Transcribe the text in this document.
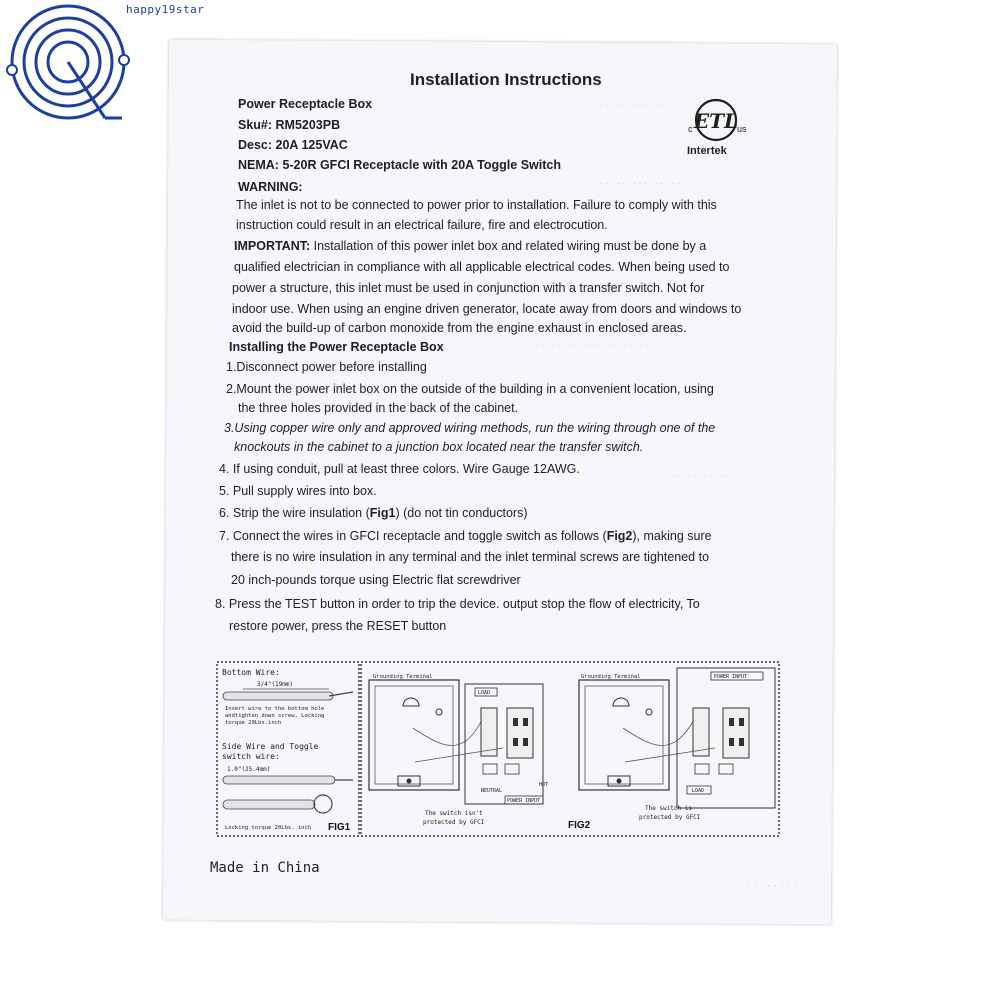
happy19star
· · · · · · · · · · · ·
· · · · · · · · · · · · · · · ·
· · · · · · · · · · · · · · · · · · · · · · ·
· · · · · · · · · · · · · · ·
· · · · · · · · · ·
Installation Instructions
Power Receptacle Box
Sku#: RM5203PB
Desc: 20A 125VAC
NEMA: 5-20R GFCI Receptacle with 20A Toggle Switch
WARNING:
The inlet is not to be connected to power prior to installation. Failure to comply with this
instruction could result in an electrical failure, fire and electrocution.
IMPORTANT: Installation of this power inlet box and related wiring must be done by a
qualified electrician in compliance with all applicable electrical codes. When being used to
power a structure, this inlet must be used in conjunction with a transfer switch. Not for
indoor use. When using an engine driven generator, locate away from doors and windows to
avoid the build-up of carbon monoxide from the engine exhaust in enclosed areas.
Installing the Power Receptacle Box
1.Disconnect power before installing
2.Mount the power inlet box on the outside of the building in a convenient location, using
the three holes provided in the back of the cabinet.
3.Using copper wire only and approved wiring methods, run the wiring through one of the
knockouts in the cabinet to a junction box located near the transfer switch.
4. If using conduit, pull at least three colors. Wire Gauge 12AWG.
5. Pull supply wires into box.
6. Strip the wire insulation (Fig1) (do not tin conductors)
7. Connect the wires in GFCI receptacle and toggle switch as follows (Fig2), making sure
there is no wire insulation in any terminal and the inlet terminal screws are tightened to
20 inch-pounds torque using Electric flat screwdriver
8. Press the TEST button in order to trip the device. output stop the flow of electricity, To
restore power, press the RESET button
ETL
c	us
Intertek
Bottom Wire:
3/4"(19mm)
Insert wire to the bottom hole
andtighten down screw, Locking
torque 20Lbs.inch
Side Wire and Toggle
switch wire:
1.0"(25.4mm)
Locking torque 20Lbs. inch FIG1
Grounding Terminal
LOAD
NEUTRAL
POWER INPUT
HOT
The switch isn't
protected by GFCI	FIG2
Grounding Terminal	POWER INPUT
LOAD
The switch is
protected by GFCI
Made in China
